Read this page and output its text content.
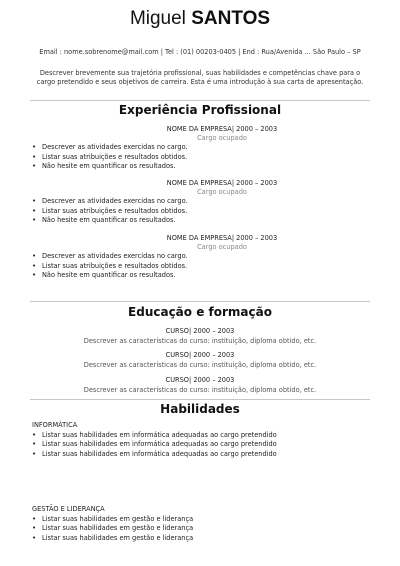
Miguel SANTOS
Email : nome.sobrenome@mail.com | Tel : (01) 00203-0405 | End : Rua/Avenida ... São Paulo – SP
Descrever brevemente sua trajetória profissional, suas habilidades e competências chave para o cargo pretendido e seus objetivos de carreira. Esta é uma introdução à sua carta de apresentação.
Experiência Profissional
NOME DA EMPRESA| 2000 – 2003
Cargo ocupado
• Descrever as atividades exercidas no cargo.
• Listar suas atribuições e resultados obtidos.
• Não hesite em quantificar os resultados.
NOME DA EMPRESA| 2000 – 2003
Cargo ocupado
• Descrever as atividades exercidas no cargo.
• Listar suas atribuições e resultados obtidos.
• Não hesite em quantificar os resultados.
NOME DA EMPRESA| 2000 – 2003
Cargo ocupado
• Descrever as atividades exercidas no cargo.
• Listar suas atribuições e resultados obtidos.
• Não hesite em quantificar os resultados.
Educação e formação
CURSO| 2000 – 2003
Descrever as características do curso: instituição, diploma obtido, etc.
CURSO| 2000 – 2003
Descrever as características do curso: instituição, diploma obtido, etc.
CURSO| 2000 – 2003
Descrever as características do curso: instituição, diploma obtido, etc.
Habilidades
INFORMÁTICA
• Listar suas habilidades em informática adequadas ao cargo pretendido
• Listar suas habilidades em informática adequadas ao cargo pretendido
• Listar suas habilidades em informática adequadas ao cargo pretendido
GESTÃO E LIDERANÇA
• Listar suas habilidades em gestão e liderança
• Listar suas habilidades em gestão e liderança
• Listar suas habilidades em gestão e liderança
